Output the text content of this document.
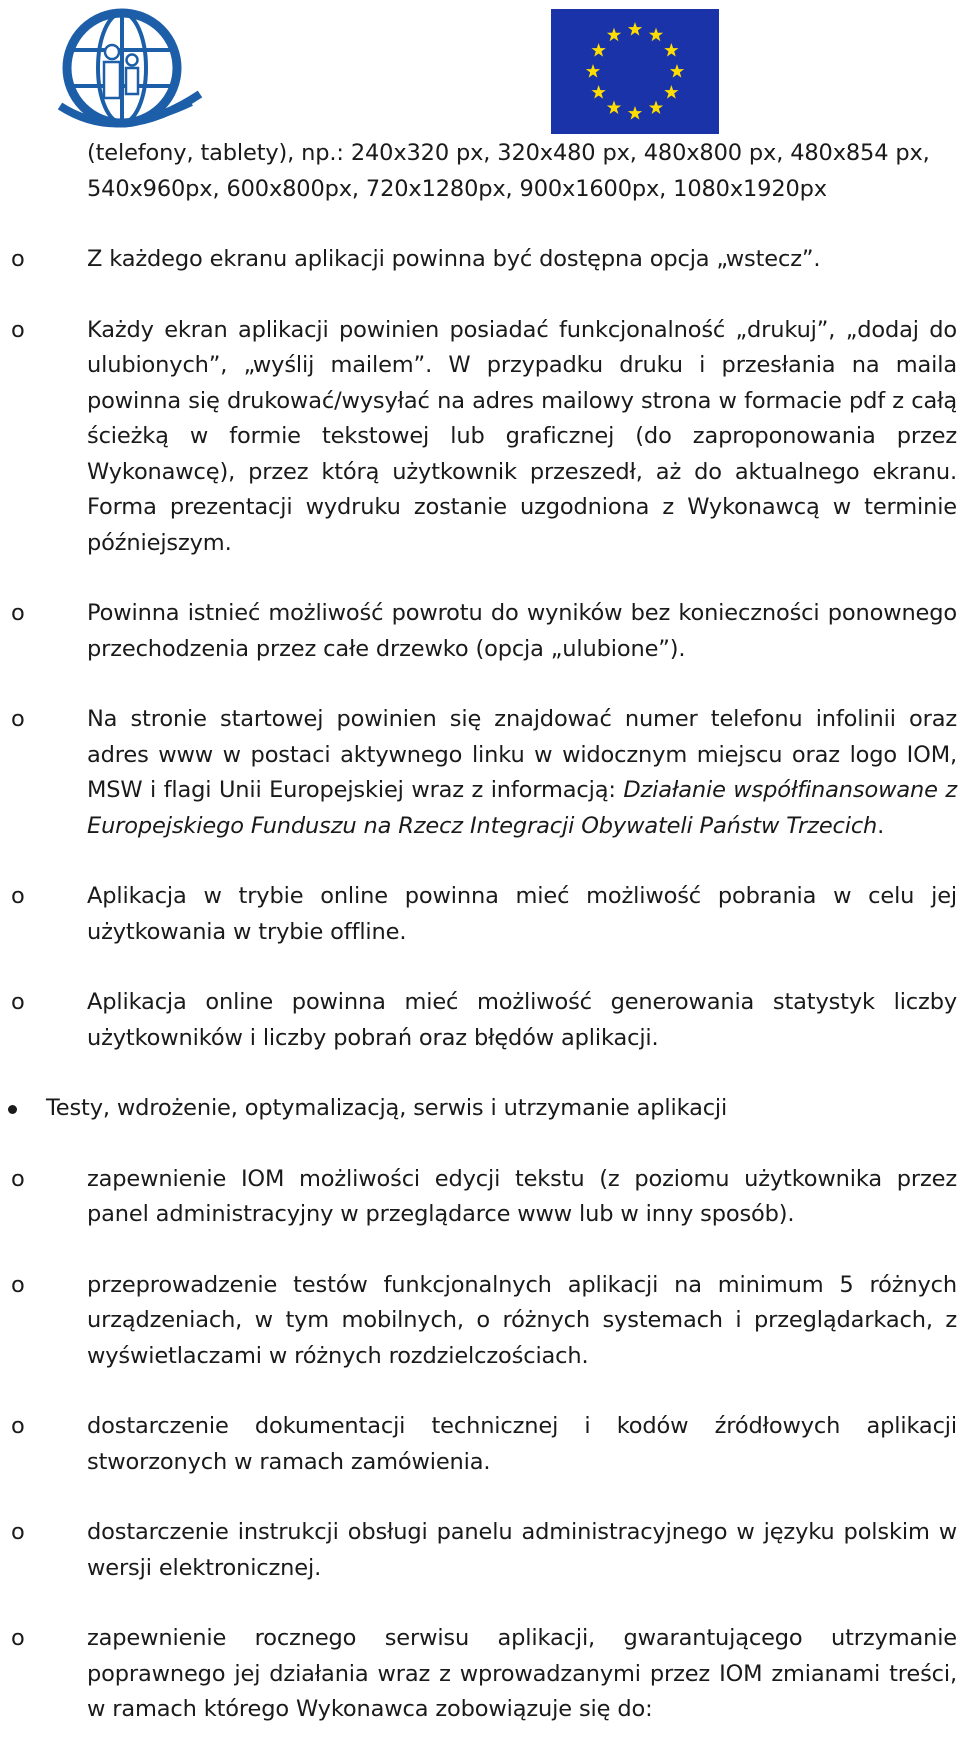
(telefony, tablety), np.: 240x320 px, 320x480 px, 480x800 px, 480x854 px, 540x960px, 600x800px, 720x1280px, 900x1600px, 1080x1920px

o	Z każdego ekranu aplikacji powinna być dostępna opcja „wstecz”.
o	Każdy ekran aplikacji powinien posiadać funkcjonalność „drukuj”, „dodaj do ulubionych”, „wyślij mailem”. W przypadku druku i przesłania na maila powinna się drukować/wysyłać na adres mailowy strona w formacie pdf z całą ścieżką w formie tekstowej lub graficznej (do zaproponowania przez Wykonawcę), przez którą użytkownik przeszedł, aż do aktualnego ekranu. Forma prezentacji wydruku zostanie uzgodniona z Wykonawcą w terminie późniejszym.
o	Powinna istnieć możliwość powrotu do wyników bez konieczności ponownego przechodzenia przez całe drzewko (opcja „ulubione”).
o	Na stronie startowej powinien się znajdować numer telefonu infolinii oraz adres www w postaci aktywnego linku w widocznym miejscu oraz logo IOM, MSW i flagi Unii Europejskiej wraz z informacją: Działanie współfinansowane z Europejskiego Funduszu na Rzecz Integracji Obywateli Państw Trzecich.
o	Aplikacja w trybie online powinna mieć możliwość pobrania w celu jej użytkowania w trybie offline.
o	Aplikacja online powinna mieć możliwość generowania statystyk liczby użytkowników i liczby pobrań oraz błędów aplikacji.
Testy, wdrożenie, optymalizacją, serwis i utrzymanie aplikacji
o	zapewnienie IOM możliwości edycji tekstu (z poziomu użytkownika przez panel administracyjny w przeglądarce www lub w inny sposób).
o	przeprowadzenie testów funkcjonalnych aplikacji na minimum 5 różnych urządzeniach, w tym mobilnych, o różnych systemach i przeglądarkach, z wyświetlaczami w różnych rozdzielczościach.
o	dostarczenie dokumentacji technicznej i kodów źródłowych aplikacji stworzonych w ramach zamówienia.
o	dostarczenie instrukcji obsługi panelu administracyjnego w języku polskim w wersji elektronicznej.
o	zapewnienie rocznego serwisu aplikacji, gwarantującego utrzymanie poprawnego jej działania wraz z wprowadzanymi przez IOM zmianami treści, w ramach którego Wykonawca zobowiązuje się do:
